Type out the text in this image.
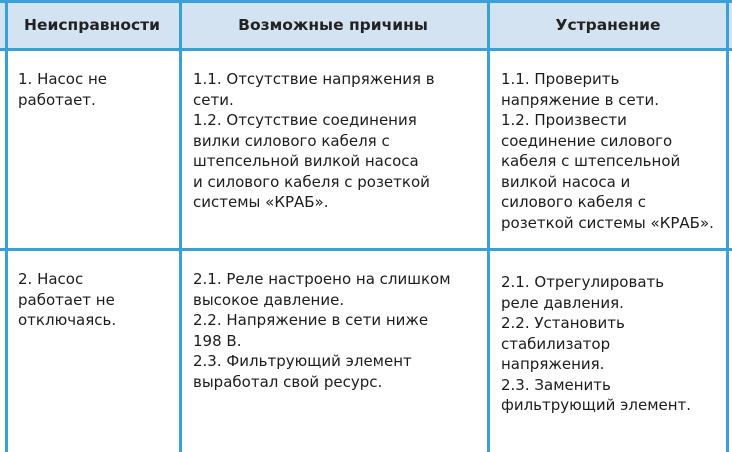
Неисправности	Возможные причины	Устранение
1. Насос не
работает.
1.1. Отсутствие напряжения в
сети.
1.2. Отсутствие соединения
вилки силового кабеля с
штепсельной вилкой насоса
и силового кабеля с розеткой
системы «КРАБ».
1.1. Проверить
напряжение в сети.
1.2. Произвести
соединение силового
кабеля с штепсельной
вилкой насоса и
силового кабеля с
розеткой системы «КРАБ».
2. Насос
работает не
отключаясь.
2.1. Реле настроено на слишком
высокое давление.
2.2. Напряжение в сети ниже
198 В.
2.3. Фильтрующий элемент
выработал свой ресурс.
2.1. Отрегулировать
реле давления.
2.2. Установить
стабилизатор
напряжения.
2.3. Заменить
фильтрующий элемент.
